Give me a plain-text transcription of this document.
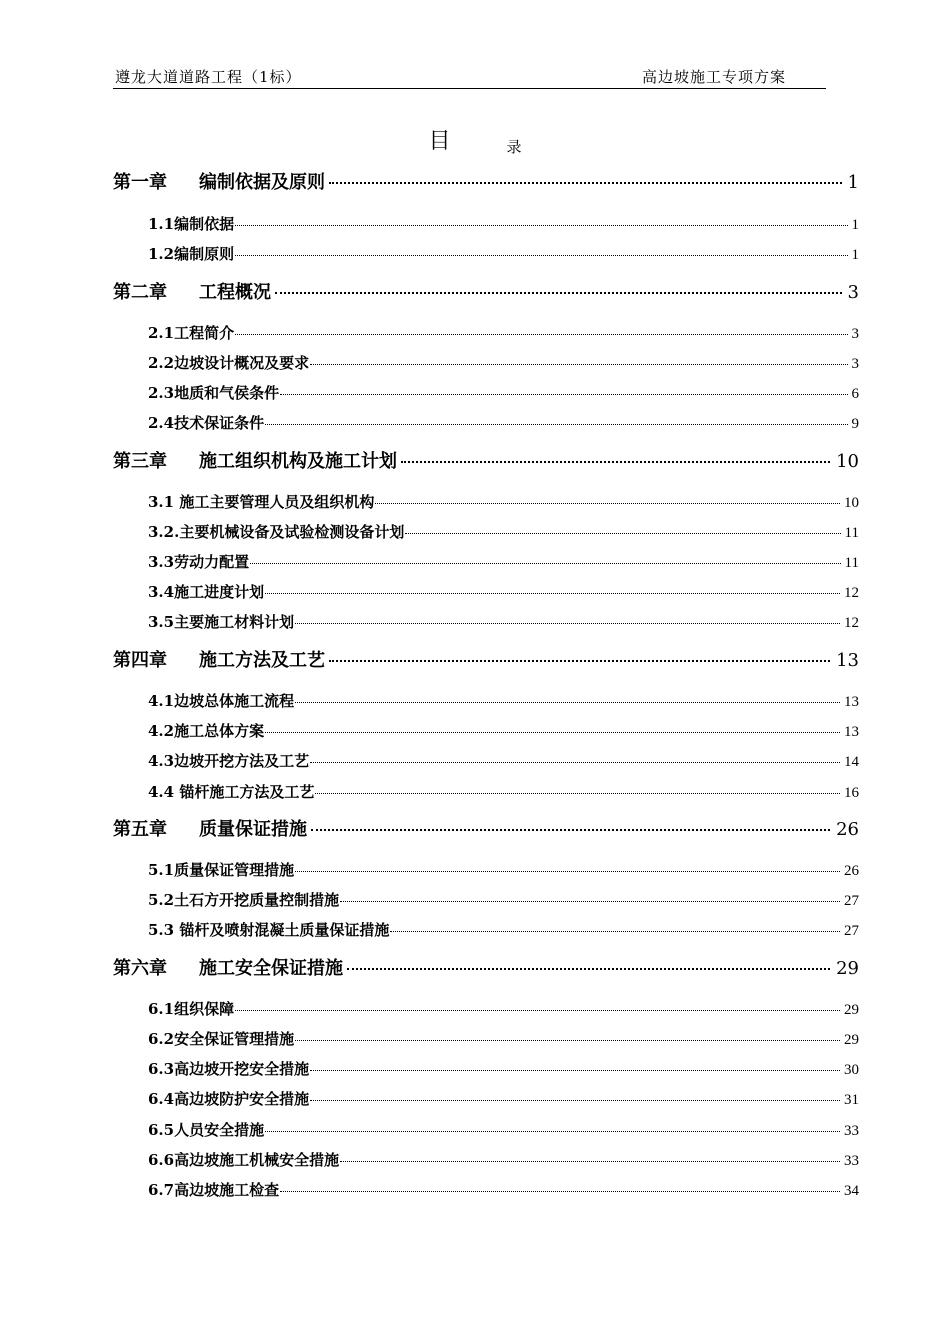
遵龙大道道路工程（1标）	高边坡施工专项方案
目	录
第一章	编制依据及原则	1
1.1编制依据	1
1.2编制原则	1
第二章	工程概况	3
2.1工程简介	3
2.2边坡设计概况及要求	3
2.3地质和气侯条件	6
2.4技术保证条件	9
第三章	施工组织机构及施工计划	10
3.1 施工主要管理人员及组织机构	10
3.2.主要机械设备及试验检测设备计划	11
3.3劳动力配置	11
3.4施工进度计划	12
3.5主要施工材料计划	12
第四章	施工方法及工艺	13
4.1边坡总体施工流程	13
4.2施工总体方案	13
4.3边坡开挖方法及工艺	14
4.4 锚杆施工方法及工艺	16
第五章	质量保证措施	26
5.1质量保证管理措施	26
5.2土石方开挖质量控制措施	27
5.3 锚杆及喷射混凝土质量保证措施	27
第六章	施工安全保证措施	29
6.1组织保障	29
6.2安全保证管理措施	29
6.3高边坡开挖安全措施	30
6.4高边坡防护安全措施	31
6.5人员安全措施	33
6.6高边坡施工机械安全措施	33
6.7高边坡施工检查	34
